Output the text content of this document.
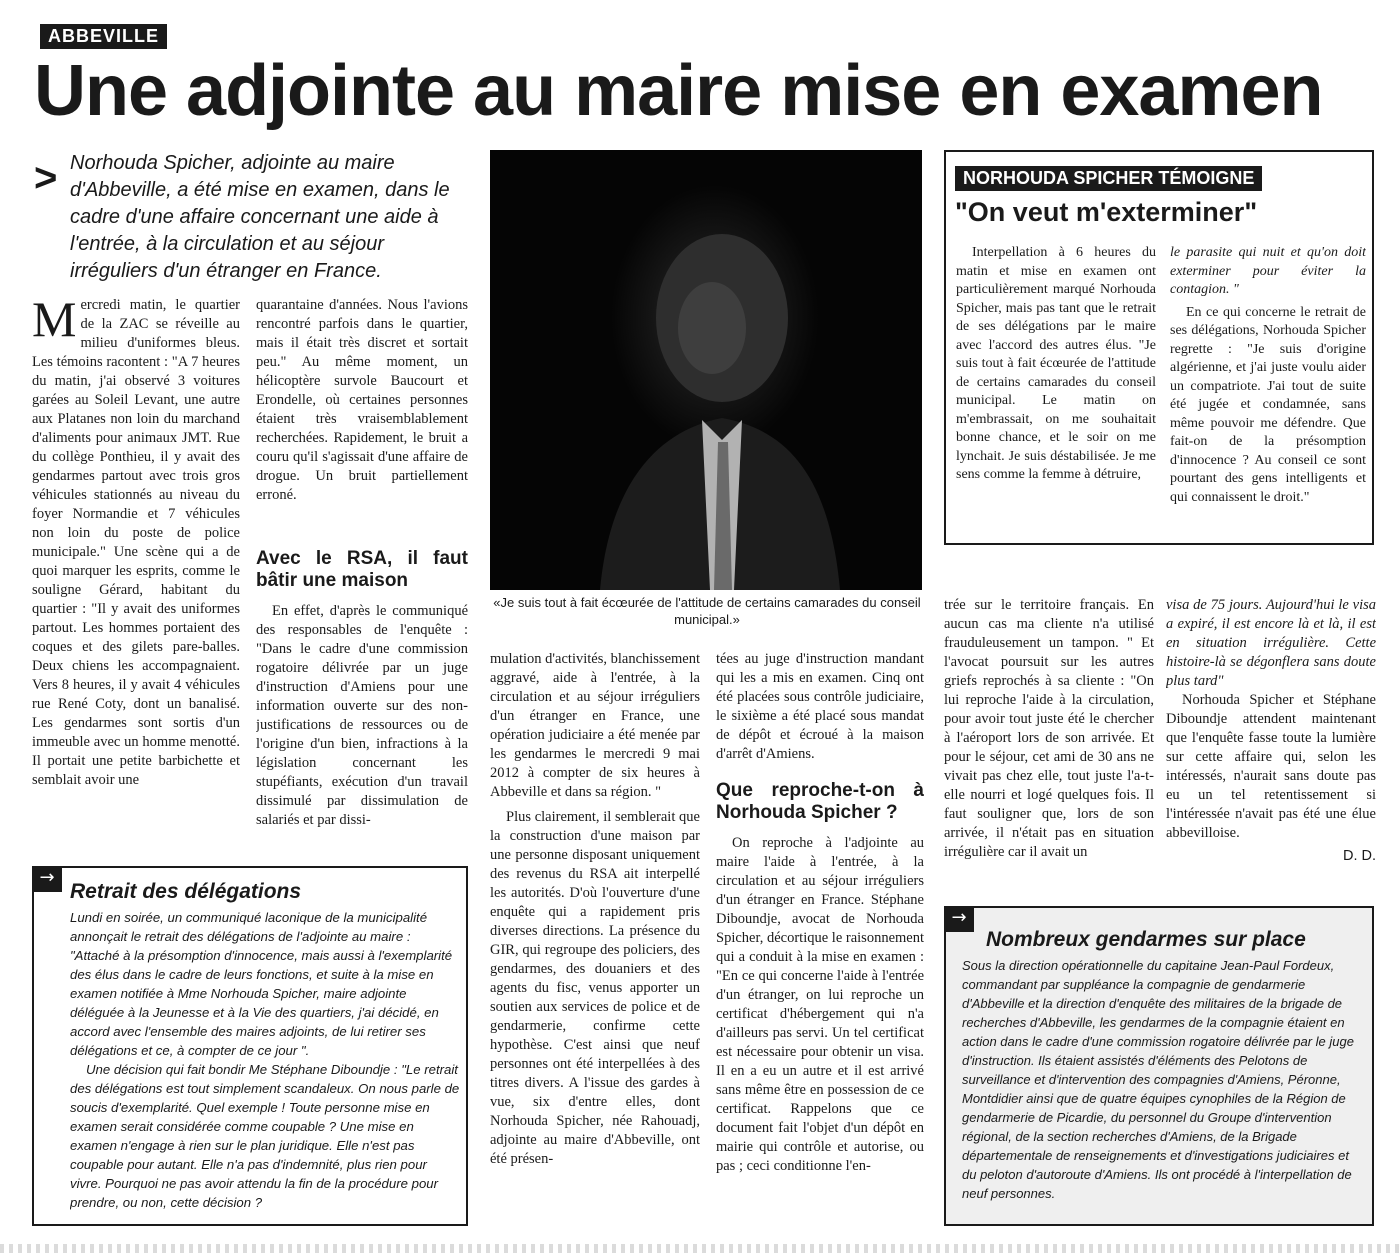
ABBEVILLE
Une adjointe au maire mise en examen
> Norhouda Spicher, adjointe au maire d'Abbeville, a été mise en examen, dans le cadre d'une affaire concernant une aide à l'entrée, à la circulation et au séjour irréguliers d'un étranger en France.
M ercredi matin, le quartier de la ZAC se réveille au milieu d'uniformes bleus. Les témoins racontent : "A 7 heures du matin, j'ai observé 3 voitures garées au Soleil Levant, une autre aux Platanes non loin du marchand d'aliments pour animaux JMT. Rue du collège Ponthieu, il y avait des gendarmes partout avec trois gros véhicules stationnés au niveau du foyer Normandie et 7 véhicules non loin du poste de police municipale." Une scène qui a de quoi marquer les esprits, comme le souligne Gérard, habitant du quartier : "Il y avait des uniformes partout. Les hommes portaient des coques et des gilets pare-balles. Deux chiens les accompagnaient. Vers 8 heures, il y avait 4 véhicules rue René Coty, dont un banalisé. Les gendarmes sont sortis d'un immeuble avec un homme menotté. Il portait une petite barbichette et semblait avoir une

quarantaine d'années. Nous l'avions rencontré parfois dans le quartier, mais il était très discret et sortait peu." Au même moment, un hélicoptère survole Baucourt et Erondelle, où certaines personnes étaient très vraisemblablement recherchées. Rapidement, le bruit a couru qu'il s'agissait d'une affaire de drogue. Un bruit partiellement erroné.

Avec le RSA, il faut bâtir une maison

En effet, d'après le communiqué des responsables de l'enquête : "Dans le cadre d'une commission rogatoire délivrée par un juge d'instruction d'Amiens pour une information ouverte sur des non-justifications de ressources ou de l'origine d'un bien, infractions à la législation concernant les stupéfiants, exécution d'un travail dissimulé par dissimulation de salariés et par dissi-

«Je suis tout à fait écœurée de l'attitude de certains camarades du conseil municipal.»

mulation d'activités, blanchissement aggravé, aide à l'entrée, à la circulation et au séjour irréguliers d'un étranger en France, une opération judiciaire a été menée par les gendarmes le mercredi 9 mai 2012 à compter de six heures à Abbeville et dans sa région. "

Plus clairement, il semblerait que la construction d'une maison par une personne disposant uniquement des revenus du RSA ait interpellé les autorités. D'où l'ouverture d'une enquête qui a rapidement pris diverses directions. La présence du GIR, qui regroupe des policiers, des gendarmes, des douaniers et des agents du fisc, venus apporter un soutien aux services de police et de gendarmerie, confirme cette hypothèse. C'est ainsi que neuf personnes ont été interpellées à des titres divers. A l'issue des gardes à vue, six d'entre elles, dont Norhouda Spicher, née Rahouadj, adjointe au maire d'Abbeville, ont été présen-

tées au juge d'instruction mandant qui les a mis en examen. Cinq ont été placées sous contrôle judiciaire, le sixième a été placé sous mandat de dépôt et écroué à la maison d'arrêt d'Amiens.

Que reproche-t-on à Norhouda Spicher ?

On reproche à l'adjointe au maire l'aide à l'entrée, à la circulation et au séjour irréguliers d'un étranger en France. Stéphane Diboundje, avocat de Norhouda Spicher, décortique le raisonnement qui a conduit à la mise en examen : "En ce qui concerne l'aide à l'entrée d'un étranger, on lui reproche un certificat d'hébergement qui n'a d'ailleurs pas servi. Un tel certificat est nécessaire pour obtenir un visa. Il en a eu un autre et il est arrivé sans même être en possession de ce certificat. Rappelons que ce document fait l'objet d'un dépôt en mairie qui contrôle et autorise, ou pas ; ceci conditionne l'en-

NORHOUDA SPICHER TÉMOIGNE
"On veut m'exterminer"

Interpellation à 6 heures du matin et mise en examen ont particulièrement marqué Norhouda Spicher, mais pas tant que le retrait de ses délégations par le maire avec l'accord des autres élus. "Je suis tout à fait écœurée de l'attitude de certains camarades du conseil municipal. Le matin on m'embrassait, on me souhaitait bonne chance, et le soir on me lynchait. Je suis déstabilisée. Je me sens comme la femme à détruire,

le parasite qui nuit et qu'on doit exterminer pour éviter la contagion. "

En ce qui concerne le retrait de ses délégations, Norhouda Spicher regrette : "Je suis d'origine algérienne, et j'ai juste voulu aider un compatriote. J'ai tout de suite été jugée et condamnée, sans même pouvoir me défendre. Que fait-on de la présomption d'innocence ? Au conseil ce sont pourtant des gens intelligents et qui connaissent le droit."

trée sur le territoire français. En aucun cas ma cliente n'a utilisé frauduleusement un tampon. " Et l'avocat poursuit sur les autres griefs reprochés à sa cliente : "On lui reproche l'aide à la circulation, pour avoir tout juste été le chercher à l'aéroport lors de son arrivée. Et pour le séjour, cet ami de 30 ans ne vivait pas chez elle, tout juste l'a-t-elle nourri et logé quelques fois. Il faut souligner que, lors de son arrivée, il n'était pas en situation irrégulière car il avait un

visa de 75 jours. Aujourd'hui le visa a expiré, il est encore là et là, il est en situation irrégulière. Cette histoire-là se dégonflera sans doute plus tard"

Norhouda Spicher et Stéphane Diboundje attendent maintenant que l'enquête fasse toute la lumière sur cette affaire qui, selon les intéressés, n'aurait sans doute pas eu un tel retentissement si l'intéressée n'avait pas été une élue abbevilloise.

D. D.
→
Retrait des délégations

Lundi en soirée, un communiqué laconique de la municipalité annonçait le retrait des délégations de l'adjointe au maire : "Attaché à la présomption d'innocence, mais aussi à l'exemplarité des élus dans le cadre de leurs fonctions, et suite à la mise en examen notifiée à Mme Norhouda Spicher, maire adjointe déléguée à la Jeunesse et à la Vie des quartiers, j'ai décidé, en accord avec l'ensemble des maires adjoints, de lui retirer ses délégations et ce, à compter de ce jour ".

Une décision qui fait bondir Me Stéphane Diboundje : "Le retrait des délégations est tout simplement scandaleux. On nous parle de soucis d'exemplarité. Quel exemple ! Toute personne mise en examen serait considérée comme coupable ? Une mise en examen n'engage à rien sur le plan juridique. Elle n'est pas coupable pour autant. Elle n'a pas d'indemnité, plus rien pour vivre. Pourquoi ne pas avoir attendu la fin de la procédure pour prendre, ou non, cette décision ?

→
Nombreux gendarmes sur place

Sous la direction opérationnelle du capitaine Jean-Paul Fordeux, commandant par suppléance la compagnie de gendarmerie d'Abbeville et la direction d'enquête des militaires de la brigade de recherches d'Abbeville, les gendarmes de la compagnie étaient en action dans le cadre d'une commission rogatoire délivrée par le juge d'instruction. Ils étaient assistés d'éléments des Pelotons de surveillance et d'intervention des compagnies d'Amiens, Péronne, Montdidier ainsi que de quatre équipes cynophiles de la Région de gendarmerie de Picardie, du personnel du Groupe d'intervention régional, de la section recherches d'Amiens, de la Brigade départementale de renseignements et d'investigations judiciaires et du peloton d'autoroute d'Amiens. Ils ont procédé à l'interpellation de neuf personnes.
